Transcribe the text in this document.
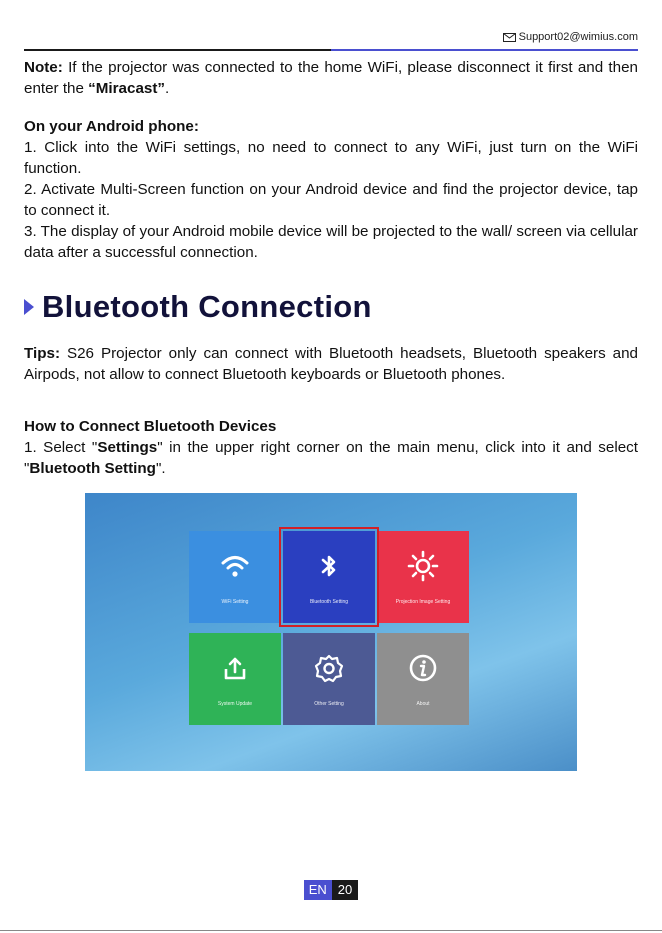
Support02@wimius.com

Note: If the projector was connected to the home WiFi, please disconnect it first and then enter the “Miracast”.

On your Android phone:

1. Click into the WiFi settings, no need to connect to any WiFi, just turn on the WiFi function.

2. Activate Multi-Screen function on your Android device and find the projector device, tap to connect it.

3. The display of your Android mobile device will be projected to the wall/ screen via cellular data after a successful connection.

Bluetooth Connection

Tips: S26 Projector only can connect with Bluetooth headsets, Bluetooth speakers and Airpods, not allow to connect Bluetooth keyboards or Bluetooth phones.

How to Connect Bluetooth Devices

1. Select "Settings" in the upper right corner on the main menu, click into it and select "Bluetooth Setting".

WiFi Setting	Bluetooth Setting	Projection Image Setting
System Update	Other Setting	About
EN 20
